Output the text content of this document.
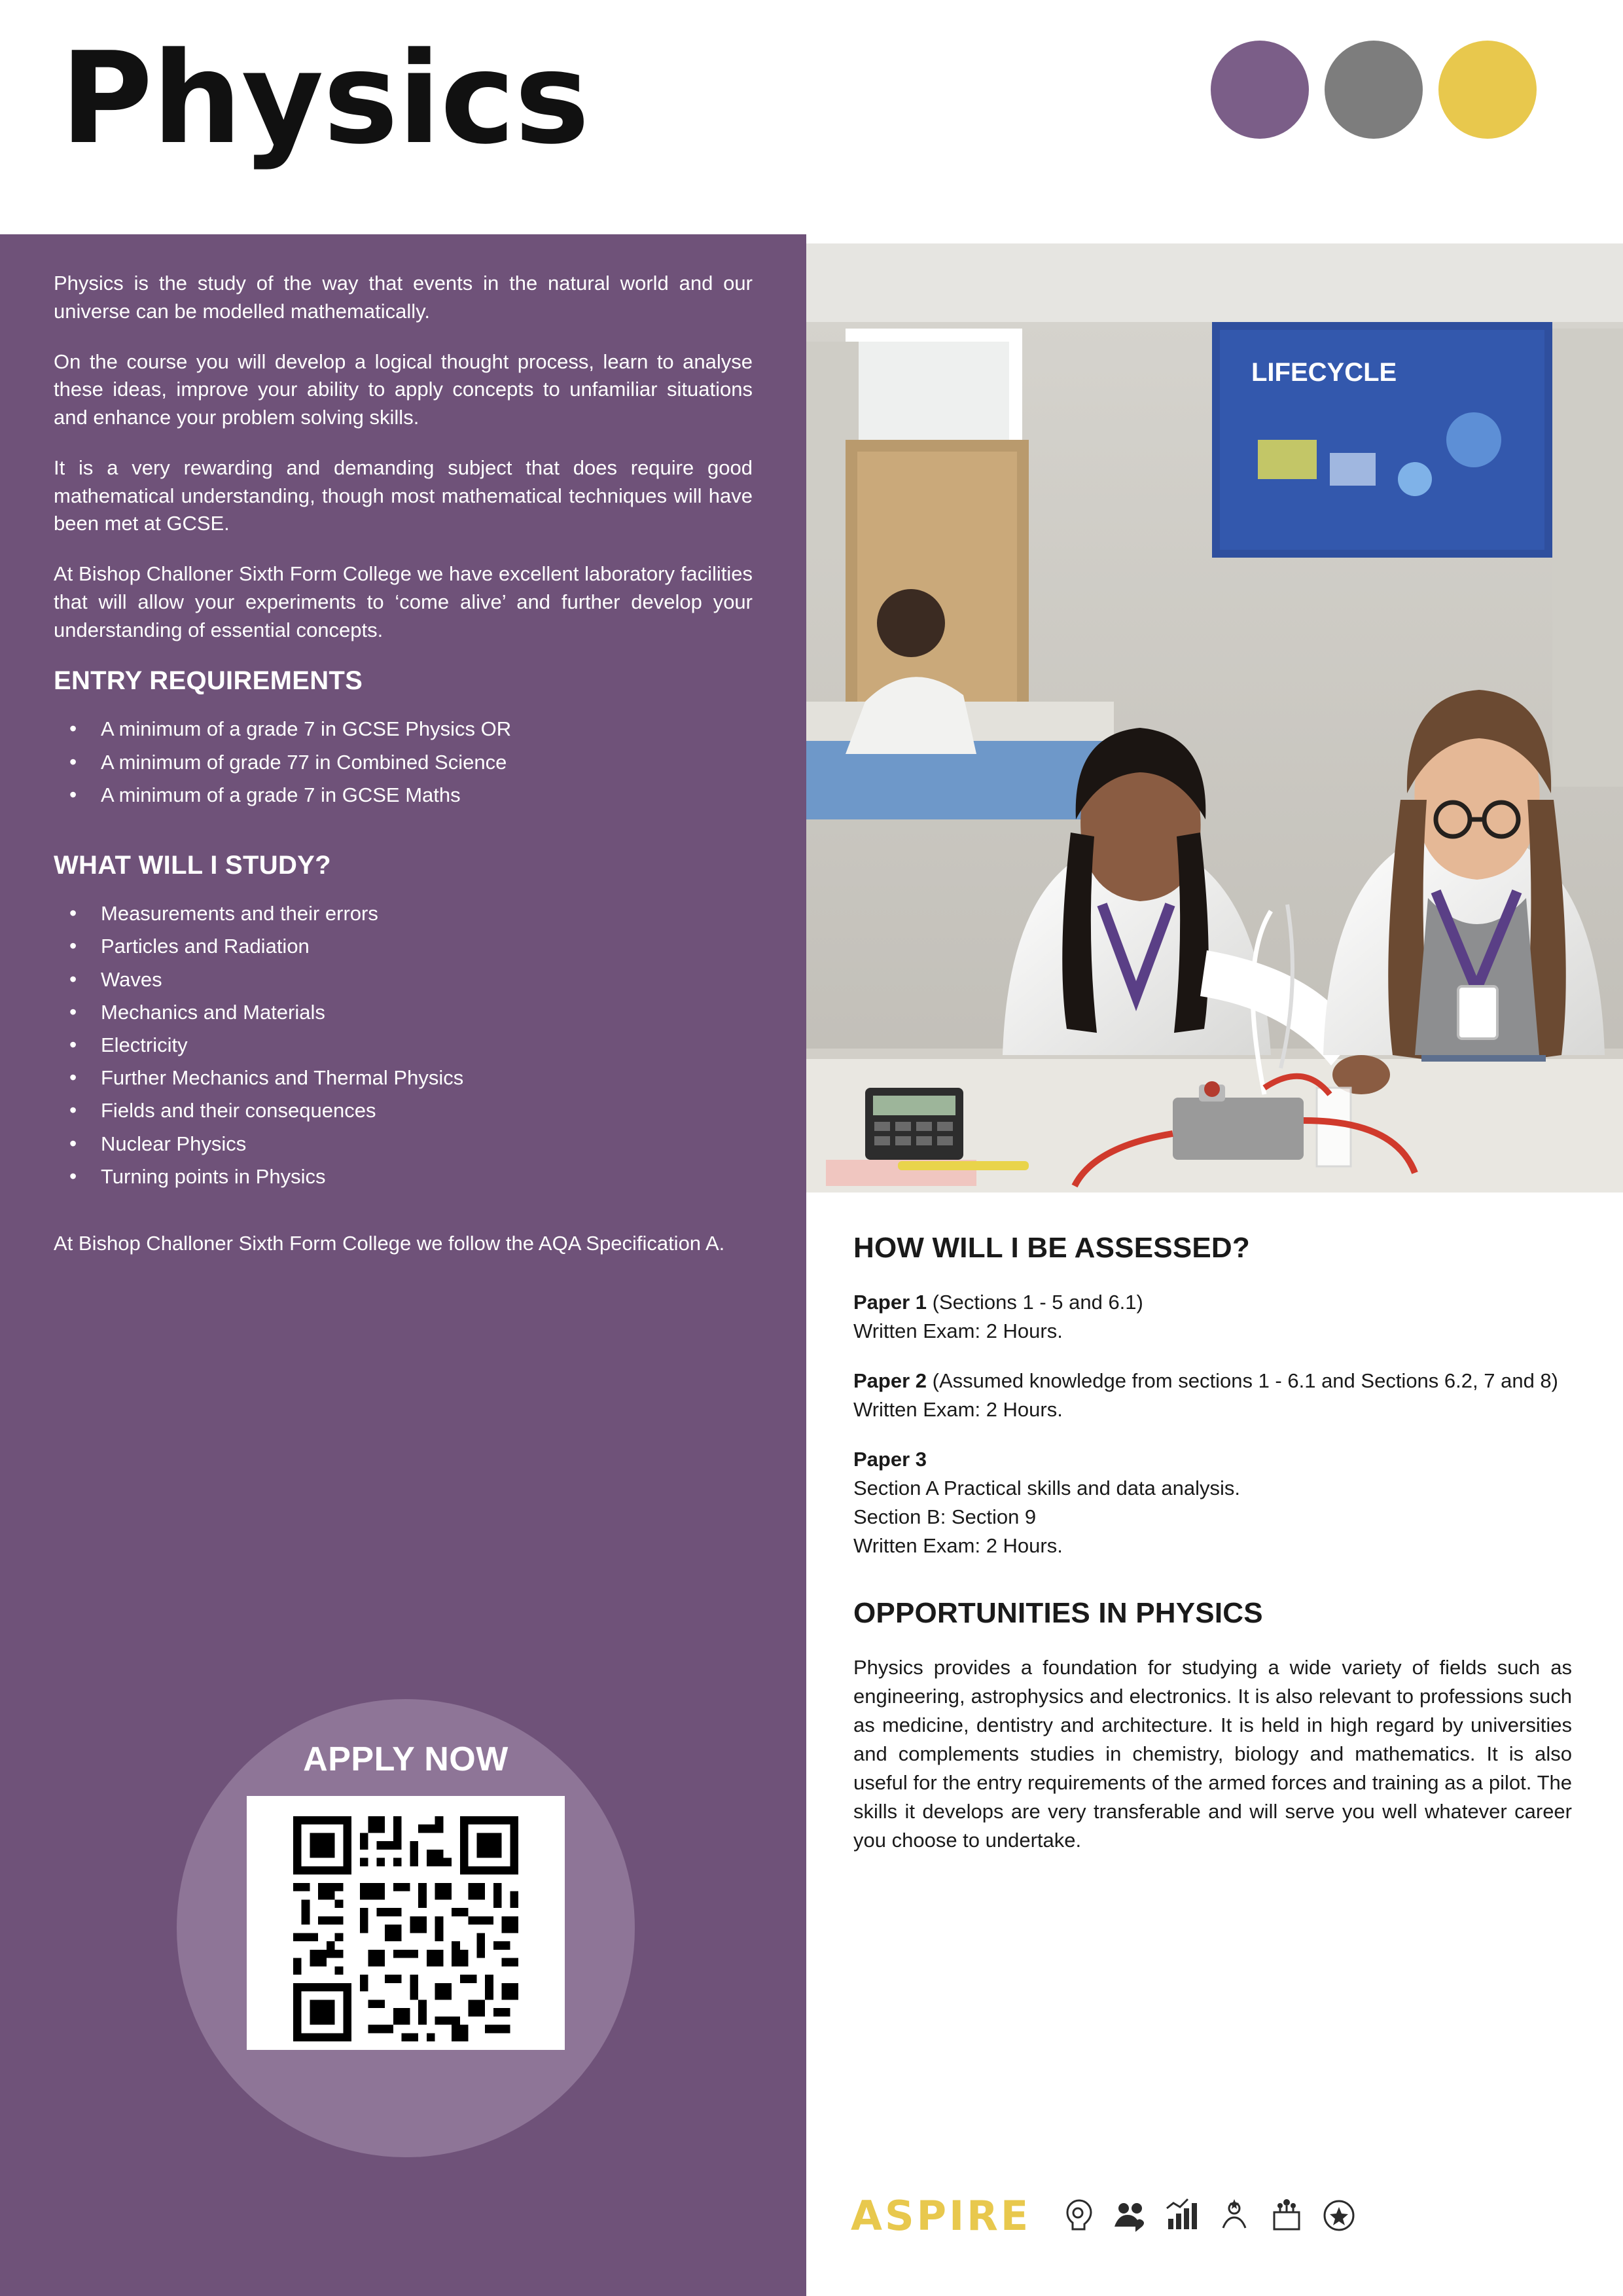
Physics

Physics is the study of the way that events in the natural world and our universe can be modelled mathematically.

On the course you will develop a logical thought process, learn to analyse these ideas, improve your ability to apply concepts to unfamiliar situations and enhance your problem solving skills.

It is a very rewarding and demanding subject that does require good mathematical understanding, though most mathematical techniques will have been met at GCSE.

At Bishop Challoner Sixth Form College we have excellent laboratory facilities that will allow your experiments to ‘come alive’ and further develop your understanding of essential concepts.

ENTRY REQUIREMENTS
• A minimum of a grade 7 in GCSE Physics OR
• A minimum of grade 77 in Combined Science
• A minimum of a grade 7 in GCSE Maths
WHAT WILL I STUDY?
• Measurements and their errors
• Particles and Radiation
• Waves
• Mechanics and Materials
• Electricity
• Further Mechanics and Thermal Physics
• Fields and their consequences
• Nuclear Physics
• Turning points in Physics

At Bishop Challoner Sixth Form College we follow the AQA Specification A.

APPLY NOW
LIFECYCLE
HOW WILL I BE ASSESSED?

Paper 1 (Sections 1 - 5 and 6.1)
Written Exam: 2 Hours.

Paper 2 (Assumed knowledge from sections 1 - 6.1 and Sections 6.2, 7 and 8)
Written Exam: 2 Hours.

Paper 3
Section A Practical skills and data analysis.
Section B: Section 9
Written Exam: 2 Hours.

OPPORTUNITIES IN PHYSICS

Physics provides a foundation for studying a wide variety of fields such as engineering, astrophysics and electronics. It is also relevant to professions such as medicine, dentistry and architecture. It is held in high regard by universities and complements studies in chemistry, biology and mathematics. It is also useful for the entry requirements of the armed forces and training as a pilot. The skills it develops are very transferable and will serve you well whatever career you choose to undertake.

ASPIRE
